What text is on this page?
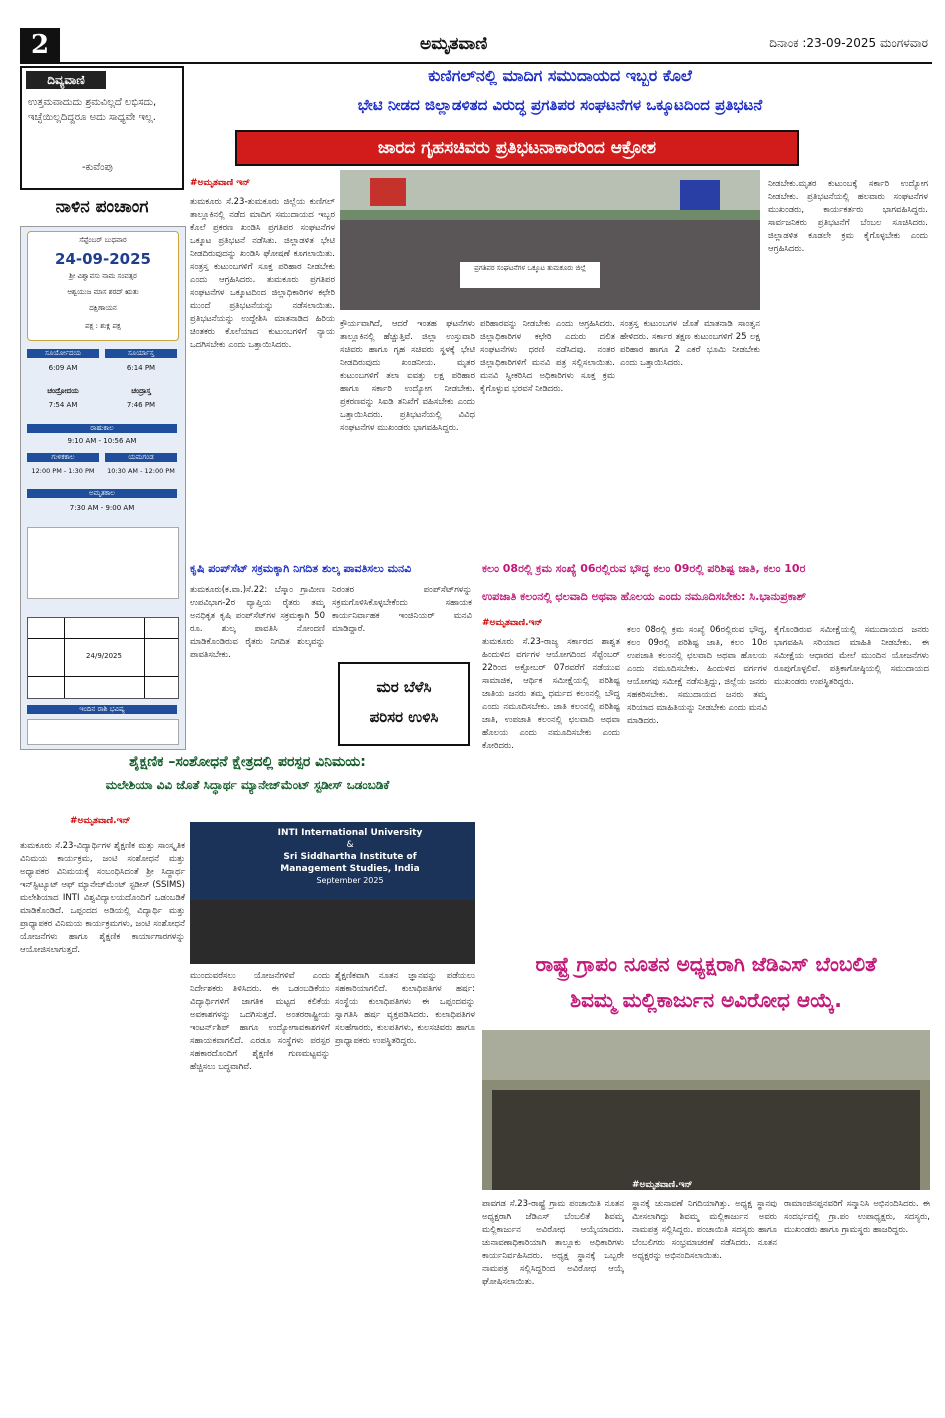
2	ಅಮೃತವಾಣಿ	ದಿನಾಂಕ :23-09-2025 ಮಂಗಳವಾರ
ದಿವ್ಯವಾಣಿ
ಉತ್ತಮವಾದುದು ಶ್ರಮವಿಲ್ಲದೆ ಲಭಿಸದು, ಇಚ್ಛೆಯಿಲ್ಲದಿದ್ದರೂ ಅದು ಸಾಧ್ಯವೇ ಇಲ್ಲ.
-ಕುವೆಂಪು
ನಾಳಿನ ಪಂಚಾಂಗ
ಸೆಪ್ಟೆಂಬರ್ ಬುಧವಾರ
24-09-2025
ಶ್ರೀ ವಿಶ್ವಾವಸು ನಾಮ ಸಂವತ್ಸರ
ಆಶ್ವಯುಜ ಮಾಸ ಶರದ್ ಋತು
ದಕ್ಷಿಣಾಯನ
ಪಕ್ಷ : ಶುಕ್ಲ ಪಕ್ಷ
ಸೂರ್ಯೋದಯ	ಸೂರ್ಯಾಸ್ತ
6:09 AM	6:14 PM
ಚಂದ್ರೋದಯ	ಚಂದ್ರಾಸ್ತ
7:54 AM	7:46 PM
ರಾಹುಕಾಲ
9:10 AM - 10:56 AM
ಗುಳಿಕಕಾಲ	ಯಮಗಂಡ
12:00 PM - 1:30 PM	10:30 AM - 12:00 PM
ಅಮೃತಕಾಲ
7:30 AM - 9:00 AM
24/9/2025
ಇಂದಿನ ರಾಶಿ ಭವಿಷ್ಯ
ಕುಣಿಗಲ್‌ನಲ್ಲಿ ಮಾದಿಗ ಸಮುದಾಯದ ಇಬ್ಬರ ಕೊಲೆ
ಭೇಟಿ ನೀಡದ ಜಿಲ್ಲಾಡಳಿತದ ವಿರುದ್ಧ ಪ್ರಗತಿಪರ ಸಂಘಟನೆಗಳ ಒಕ್ಕೂಟದಿಂದ ಪ್ರತಿಭಟನೆ
ಜಾರದ ಗೃಹಸಚಿವರು ಪ್ರತಿಭಟನಾಕಾರರಿಂದ ಆಕ್ರೋಶ
#ಅಮೃತವಾಣಿ ಇನ್
ತುಮಕೂರು ಸೆ.23-ತುಮಕೂರು ಜಿಲ್ಲೆಯ ಕುಣಿಗಲ್ ತಾಲ್ಲೂಕಿನಲ್ಲಿ ನಡೆದ ಮಾದಿಗ ಸಮುದಾಯದ ಇಬ್ಬರ ಕೊಲೆ ಪ್ರಕರಣ ಖಂಡಿಸಿ ಪ್ರಗತಿಪರ ಸಂಘಟನೆಗಳ ಒಕ್ಕೂಟ ಪ್ರತಿಭಟನೆ ನಡೆಸಿತು. ಜಿಲ್ಲಾಡಳಿತ ಭೇಟಿ ನೀಡದಿರುವುದನ್ನು ಖಂಡಿಸಿ ಘೋಷಣೆ ಕೂಗಲಾಯಿತು. ಸಂತ್ರಸ್ತ ಕುಟುಂಬಗಳಿಗೆ ಸೂಕ್ತ ಪರಿಹಾರ ನೀಡಬೇಕು ಎಂದು ಆಗ್ರಹಿಸಿದರು. ತುಮಕೂರು ಪ್ರಗತಿಪರ ಸಂಘಟನೆಗಳ ಒಕ್ಕೂಟದಿಂದ ಜಿಲ್ಲಾಧಿಕಾರಿಗಳ ಕಛೇರಿ ಮುಂದೆ ಪ್ರತಿಭಟನೆಯನ್ನು ನಡೆಸಲಾಯಿತು. ಪ್ರತಿಭಟನೆಯನ್ನು ಉದ್ದೇಶಿಸಿ ಮಾತನಾಡಿದ ಹಿರಿಯ ಚಿಂತಕರು ಕೊಲೆಯಾದ ಕುಟುಂಬಗಳಿಗೆ ನ್ಯಾಯ ಒದಗಿಸಬೇಕು ಎಂದು ಒತ್ತಾಯಿಸಿದರು.
ಪ್ರಗತಿಪರ ಸಂಘಟನೆಗಳ ಒಕ್ಕೂಟ ತುಮಕೂರು ಜಿಲ್ಲೆ
ಕ್ರೌರ್ಯವಾಗಿದೆ, ಆದರೆ ಇಂತಹ ಘಟನೆಗಳು ತಾಲ್ಲೂಕಿನಲ್ಲಿ ಹೆಚ್ಚುತ್ತಿವೆ. ಜಿಲ್ಲಾ ಉಸ್ತುವಾರಿ ಸಚಿವರು ಹಾಗೂ ಗೃಹ ಸಚಿವರು ಸ್ಥಳಕ್ಕೆ ಭೇಟಿ ನೀಡದಿರುವುದು ಖಂಡನೀಯ. ಮೃತರ ಕುಟುಂಬಗಳಿಗೆ ತಲಾ ಐವತ್ತು ಲಕ್ಷ ಪರಿಹಾರ ಹಾಗೂ ಸರ್ಕಾರಿ ಉದ್ಯೋಗ ನೀಡಬೇಕು. ಪ್ರಕರಣವನ್ನು ಸಿಐಡಿ ತನಿಖೆಗೆ ವಹಿಸಬೇಕು ಎಂದು ಒತ್ತಾಯಿಸಿದರು. ಪ್ರತಿಭಟನೆಯಲ್ಲಿ ವಿವಿಧ ಸಂಘಟನೆಗಳ ಮುಖಂಡರು ಭಾಗವಹಿಸಿದ್ದರು.
ಪರಿಹಾರವನ್ನು ನೀಡಬೇಕು ಎಂದು ಆಗ್ರಹಿಸಿದರು. ಜಿಲ್ಲಾಧಿಕಾರಿಗಳ ಕಛೇರಿ ಎದುರು ದಲಿತ ಸಂಘಟನೆಗಳು ಧರಣಿ ನಡೆಸಿದವು. ನಂತರ ಜಿಲ್ಲಾಧಿಕಾರಿಗಳಿಗೆ ಮನವಿ ಪತ್ರ ಸಲ್ಲಿಸಲಾಯಿತು. ಮನವಿ ಸ್ವೀಕರಿಸಿದ ಅಧಿಕಾರಿಗಳು ಸೂಕ್ತ ಕ್ರಮ ಕೈಗೊಳ್ಳುವ ಭರವಸೆ ನೀಡಿದರು.
ಸಂತ್ರಸ್ತ ಕುಟುಂಬಗಳ ಜೊತೆ ಮಾತನಾಡಿ ಸಾಂತ್ವನ ಹೇಳಿದರು. ಸರ್ಕಾರ ತಕ್ಷಣ ಕುಟುಂಬಗಳಿಗೆ 25 ಲಕ್ಷ ಪರಿಹಾರ ಹಾಗೂ 2 ಎಕರೆ ಭೂಮಿ ನೀಡಬೇಕು ಎಂದು ಒತ್ತಾಯಿಸಿದರು.
ನೀಡಬೇಕು.ಮೃತರ ಕುಟುಂಬಕ್ಕೆ ಸರ್ಕಾರಿ ಉದ್ಯೋಗ ನೀಡಬೇಕು. ಪ್ರತಿಭಟನೆಯಲ್ಲಿ ಹಲವಾರು ಸಂಘಟನೆಗಳ ಮುಖಂಡರು, ಕಾರ್ಯಕರ್ತರು ಭಾಗವಹಿಸಿದ್ದರು. ಸಾರ್ವಜನಿಕರು ಪ್ರತಿಭಟನೆಗೆ ಬೆಂಬಲ ಸೂಚಿಸಿದರು. ಜಿಲ್ಲಾಡಳಿತ ಕೂಡಲೇ ಕ್ರಮ ಕೈಗೊಳ್ಳಬೇಕು ಎಂದು ಆಗ್ರಹಿಸಿದರು.
ಕೃಷಿ ಪಂಪ್‌ಸೆಟ್ ಸಕ್ರಮಕ್ಕಾಗಿ ನಿಗದಿತ ಶುಲ್ಕ ಪಾವತಿಸಲು ಮನವಿ
ತುಮಕೂರು(ಕ.ವಾ.)ಸೆ.22: ಬೆಸ್ಕಾಂ ಗ್ರಾಮೀಣ ಉಪವಿಭಾಗ-2ರ ವ್ಯಾಪ್ತಿಯ ರೈತರು ತಮ್ಮ ಅನಧಿಕೃತ ಕೃಷಿ ಪಂಪ್‌ಸೆಟ್‌ಗಳ ಸಕ್ರಮಕ್ಕಾಗಿ 50 ರೂ. ಶುಲ್ಕ ಪಾವತಿಸಿ ನೋಂದಣಿ ಮಾಡಿಕೊಂಡಿರುವ ರೈತರು ನಿಗದಿತ ಶುಲ್ಕವನ್ನು ಪಾವತಿಸಬೇಕು.
ನಿರಂತರ ಪಂಪ್‌ಸೆಟ್‌ಗಳನ್ನು ಸಕ್ರಮಗೊಳಿಸಿಕೊಳ್ಳಬೇಕೆಂದು ಸಹಾಯಕ ಕಾರ್ಯನಿರ್ವಾಹಕ ಇಂಜಿನಿಯರ್ ಮನವಿ ಮಾಡಿದ್ದಾರೆ.
ಮರ ಬೆಳೆಸಿ
ಪರಿಸರ ಉಳಿಸಿ
ಶೈಕ್ಷಣಿಕ –ಸಂಶೋಧನೆ ಕ್ಷೇತ್ರದಲ್ಲಿ ಪರಸ್ಪರ ವಿನಿಮಯ:
ಮಲೇಶಿಯಾ ವಿವಿ ಜೊತೆ ಸಿದ್ಧಾರ್ಥ ಮ್ಯಾನೇಜ್‌ಮೆಂಟ್ ಸ್ಟಡೀಸ್ ಒಡಂಬಡಿಕೆ
#ಅಮೃತವಾಣಿ.ಇನ್
ತುಮಕೂರು ಸೆ.23-ವಿದ್ಯಾರ್ಥಿಗಳ ಶೈಕ್ಷಣಿಕ ಮತ್ತು ಸಾಂಸ್ಕೃತಿಕ ವಿನಿಮಯ ಕಾರ್ಯಕ್ರಮ, ಜಂಟಿ ಸಂಶೋಧನೆ ಮತ್ತು ಅಧ್ಯಾಪಕರ ವಿನಿಮಯಕ್ಕೆ ಸಂಬಂಧಿಸಿದಂತೆ ಶ್ರೀ ಸಿದ್ಧಾರ್ಥ ಇನ್‌ಸ್ಟಿಟ್ಯೂಟ್ ಆಫ್ ಮ್ಯಾನೇಜ್‌ಮೆಂಟ್ ಸ್ಟಡೀಸ್ (SSIMS) ಮಲೇಶಿಯಾದ INTI ವಿಶ್ವವಿದ್ಯಾಲಯದೊಂದಿಗೆ ಒಡಂಬಡಿಕೆ ಮಾಡಿಕೊಂಡಿದೆ. ಒಪ್ಪಂದದ ಅಡಿಯಲ್ಲಿ ವಿದ್ಯಾರ್ಥಿ ಮತ್ತು ಪ್ರಾಧ್ಯಾಪಕರ ವಿನಿಮಯ ಕಾರ್ಯಕ್ರಮಗಳು, ಜಂಟಿ ಸಂಶೋಧನೆ ಯೋಜನೆಗಳು ಹಾಗೂ ಶೈಕ್ಷಣಿಕ ಕಾರ್ಯಾಗಾರಗಳನ್ನು ಆಯೋಜಿಸಲಾಗುತ್ತದೆ.
INTI International University
&
Sri Siddhartha Institute of
Management Studies, India
September 2025
ಮುಂದುವರೆಸಲು ಯೋಜನೆಗಳಿವೆ ಎಂದು ನಿರ್ದೇಶಕರು ತಿಳಿಸಿದರು. ಈ ಒಡಂಬಡಿಕೆಯು ವಿದ್ಯಾರ್ಥಿಗಳಿಗೆ ಜಾಗತಿಕ ಮಟ್ಟದ ಕಲಿಕೆಯ ಅವಕಾಶಗಳನ್ನು ಒದಗಿಸುತ್ತದೆ. ಅಂತರರಾಷ್ಟ್ರೀಯ ಇಂಟರ್ನ್‌ಶಿಪ್ ಹಾಗೂ ಉದ್ಯೋಗಾವಕಾಶಗಳಿಗೆ ಸಹಾಯಕವಾಗಲಿದೆ. ಎರಡೂ ಸಂಸ್ಥೆಗಳು ಪರಸ್ಪರ ಸಹಕಾರದೊಂದಿಗೆ ಶೈಕ್ಷಣಿಕ ಗುಣಮಟ್ಟವನ್ನು ಹೆಚ್ಚಿಸಲು ಬದ್ಧವಾಗಿವೆ.
ಶೈಕ್ಷಣಿಕವಾಗಿ ನೂತನ ಜ್ಞಾನವನ್ನು ಪಡೆಯಲು ಸಹಕಾರಿಯಾಗಲಿದೆ. ಕುಲಾಧಿಪತಿಗಳ ಹರ್ಷ: ಸಂಸ್ಥೆಯ ಕುಲಾಧಿಪತಿಗಳು ಈ ಒಪ್ಪಂದವನ್ನು ಸ್ವಾಗತಿಸಿ ಹರ್ಷ ವ್ಯಕ್ತಪಡಿಸಿದರು. ಕುಲಾಧಿಪತಿಗಳ ಸಲಹೆಗಾರರು, ಕುಲಪತಿಗಳು, ಕುಲಸಚಿವರು ಹಾಗೂ ಪ್ರಾಧ್ಯಾಪಕರು ಉಪಸ್ಥಿತರಿದ್ದರು.
ಕಲಂ 08ರಲ್ಲಿ ಕ್ರಮ ಸಂಖ್ಯೆ 06ರಲ್ಲಿರುವ ಭೌದ್ಧ ಕಲಂ 09ರಲ್ಲಿ ಪರಿಶಿಷ್ಟ ಜಾತಿ, ಕಲಂ 10ರ
ಉಪಜಾತಿ ಕಲಂನಲ್ಲಿ ಛಲವಾದಿ ಅಥವಾ ಹೊಲಯ ಎಂದು ನಮೂದಿಸಬೇಕು: ಸಿ.ಭಾನುಪ್ರಕಾಶ್
#ಅಮೃತವಾಣಿ.ಇನ್
ತುಮಕೂರು ಸೆ.23-ರಾಜ್ಯ ಸರ್ಕಾರದ ಶಾಶ್ವತ ಹಿಂದುಳಿದ ವರ್ಗಗಳ ಆಯೋಗದಿಂದ ಸೆಪ್ಟೆಂಬರ್ 22ರಿಂದ ಅಕ್ಟೋಬರ್ 07ರವರೆಗೆ ನಡೆಯುವ ಸಾಮಾಜಿಕ, ಆರ್ಥಿಕ ಸಮೀಕ್ಷೆಯಲ್ಲಿ ಪರಿಶಿಷ್ಟ ಜಾತಿಯ ಜನರು ತಮ್ಮ ಧರ್ಮದ ಕಲಂನಲ್ಲಿ ಬೌದ್ಧ ಎಂದು ನಮೂದಿಸಬೇಕು. ಜಾತಿ ಕಲಂನಲ್ಲಿ ಪರಿಶಿಷ್ಟ ಜಾತಿ, ಉಪಜಾತಿ ಕಲಂನಲ್ಲಿ ಛಲವಾದಿ ಅಥವಾ ಹೊಲಯ ಎಂದು ನಮೂದಿಸಬೇಕು ಎಂದು ಕೋರಿದರು.
ಕಲಂ 08ರಲ್ಲಿ ಕ್ರಮ ಸಂಖ್ಯೆ 06ರಲ್ಲಿರುವ ಭೌದ್ಧ, ಕಲಂ 09ರಲ್ಲಿ ಪರಿಶಿಷ್ಟ ಜಾತಿ, ಕಲಂ 10ರ ಉಪಜಾತಿ ಕಲಂನಲ್ಲಿ ಛಲವಾದಿ ಅಥವಾ ಹೊಲಯ ಎಂದು ನಮೂದಿಸಬೇಕು. ಹಿಂದುಳಿದ ವರ್ಗಗಳ ಆಯೋಗವು ಸಮೀಕ್ಷೆ ನಡೆಸುತ್ತಿದ್ದು, ಜಿಲ್ಲೆಯ ಜನರು ಸಹಕರಿಸಬೇಕು. ಸಮುದಾಯದ ಜನರು ತಮ್ಮ ಸರಿಯಾದ ಮಾಹಿತಿಯನ್ನು ನೀಡಬೇಕು ಎಂದು ಮನವಿ ಮಾಡಿದರು.
ಕೈಗೊಂಡಿರುವ ಸಮೀಕ್ಷೆಯಲ್ಲಿ ಸಮುದಾಯದ ಜನರು ಭಾಗವಹಿಸಿ ಸರಿಯಾದ ಮಾಹಿತಿ ನೀಡಬೇಕು. ಈ ಸಮೀಕ್ಷೆಯ ಆಧಾರದ ಮೇಲೆ ಮುಂದಿನ ಯೋಜನೆಗಳು ರೂಪುಗೊಳ್ಳಲಿವೆ. ಪತ್ರಿಕಾಗೋಷ್ಠಿಯಲ್ಲಿ ಸಮುದಾಯದ ಮುಖಂಡರು ಉಪಸ್ಥಿತರಿದ್ದರು.
ರಾಷ್ಟ್ರೆ ಗ್ರಾಪಂ ನೂತನ ಅಧ್ಯಕ್ಷರಾಗಿ ಜೆಡಿಎಸ್ ಬೆಂಬಲಿತೆ
ಶಿವಮ್ಮ ಮಲ್ಲಿಕಾರ್ಜುನ ಅವಿರೋಧ ಆಯ್ಕೆ.
#ಅಮೃತವಾಣಿ.ಇನ್
ಪಾವಗಡ ಸೆ.23-ರಾಷ್ಟ್ರೆ ಗ್ರಾಮ ಪಂಚಾಯಿತಿ ನೂತನ ಅಧ್ಯಕ್ಷರಾಗಿ ಜೆಡಿಎಸ್ ಬೆಂಬಲಿತೆ ಶಿವಮ್ಮ ಮಲ್ಲಿಕಾರ್ಜುನ ಅವಿರೋಧ ಆಯ್ಕೆಯಾದರು. ಚುನಾವಣಾಧಿಕಾರಿಯಾಗಿ ತಾಲ್ಲೂಕು ಅಧಿಕಾರಿಗಳು ಕಾರ್ಯನಿರ್ವಹಿಸಿದರು. ಅಧ್ಯಕ್ಷ ಸ್ಥಾನಕ್ಕೆ ಒಬ್ಬರೇ ನಾಮಪತ್ರ ಸಲ್ಲಿಸಿದ್ದರಿಂದ ಅವಿರೋಧ ಆಯ್ಕೆ ಘೋಷಿಸಲಾಯಿತು.
ಸ್ಥಾನಕ್ಕೆ ಚುನಾವಣೆ ನಿಗದಿಯಾಗಿತ್ತು. ಅಧ್ಯಕ್ಷ ಸ್ಥಾನವು ಮೀಸಲಾಗಿದ್ದು ಶಿವಮ್ಮ ಮಲ್ಲಿಕಾರ್ಜುನ ಅವರು ನಾಮಪತ್ರ ಸಲ್ಲಿಸಿದ್ದರು. ಪಂಚಾಯಿತಿ ಸದಸ್ಯರು ಹಾಗೂ ಬೆಂಬಲಿಗರು ಸಂಭ್ರಮಾಚರಣೆ ನಡೆಸಿದರು. ನೂತನ ಅಧ್ಯಕ್ಷರನ್ನು ಅಭಿನಂದಿಸಲಾಯಿತು.
ರಾಮಾಂಜಿನಪ್ಪನವರಿಗೆ ಸನ್ಮಾನಿಸಿ ಅಭಿನಂದಿಸಿದರು. ಈ ಸಂದರ್ಭದಲ್ಲಿ ಗ್ರಾ.ಪಂ ಉಪಾಧ್ಯಕ್ಷರು, ಸದಸ್ಯರು, ಮುಖಂಡರು ಹಾಗೂ ಗ್ರಾಮಸ್ಥರು ಹಾಜರಿದ್ದರು.
